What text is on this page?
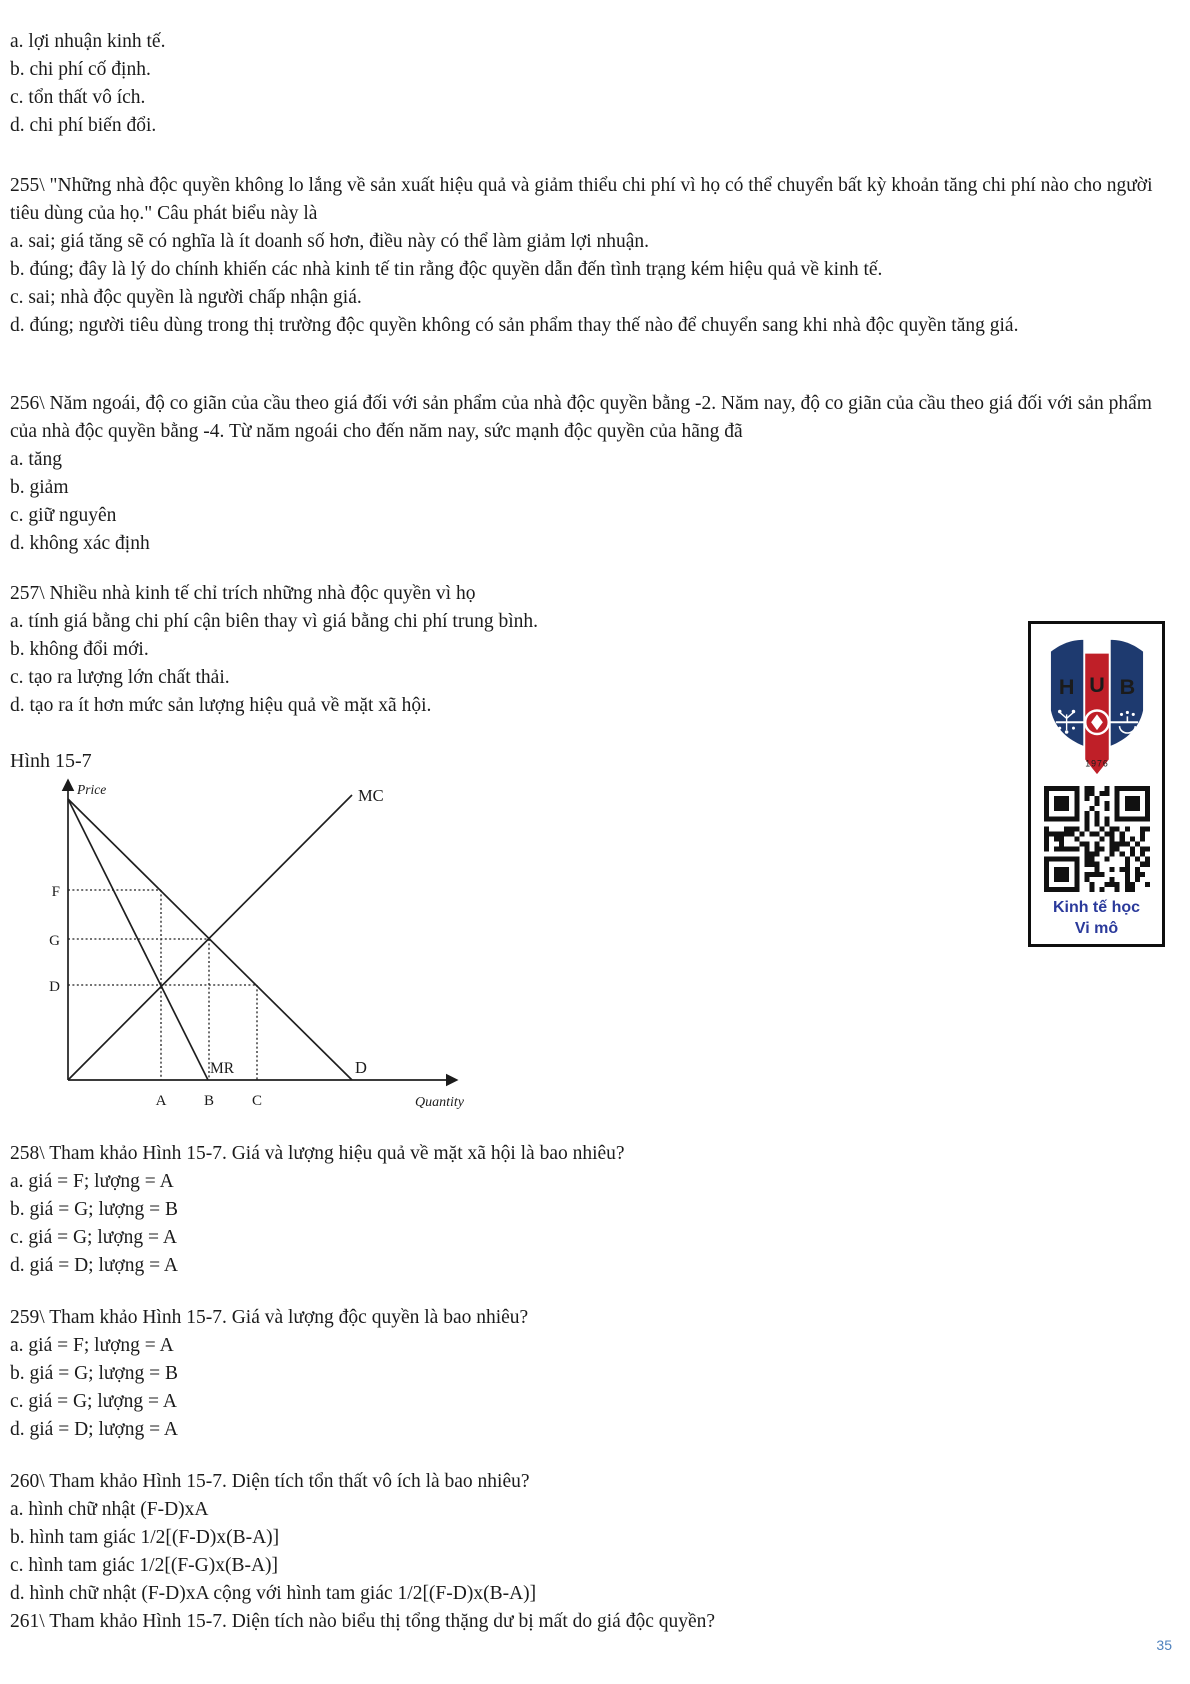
a. lợi nhuận kinh tế.
b. chi phí cố định.
c. tổn thất vô ích.
d. chi phí biến đổi.
255\ "Những nhà độc quyền không lo lắng về sản xuất hiệu quả và giảm thiểu chi phí vì họ có thể chuyển bất kỳ khoản tăng chi phí nào cho người tiêu dùng của họ." Câu phát biểu này là
a. sai; giá tăng sẽ có nghĩa là ít doanh số hơn, điều này có thể làm giảm lợi nhuận.
b. đúng; đây là lý do chính khiến các nhà kinh tế tin rằng độc quyền dẫn đến tình trạng kém hiệu quả về kinh tế.
c. sai; nhà độc quyền là người chấp nhận giá.
d. đúng; người tiêu dùng trong thị trường độc quyền không có sản phẩm thay thế nào để chuyển sang khi nhà độc quyền tăng giá.
256\ Năm ngoái, độ co giãn của cầu theo giá đối với sản phẩm của nhà độc quyền bằng -2. Năm nay, độ co giãn của cầu theo giá đối với sản phẩm của nhà độc quyền bằng -4. Từ năm ngoái cho đến năm nay, sức mạnh độc quyền của hãng đã
a. tăng
b. giảm
c. giữ nguyên
d. không xác định
257\ Nhiều nhà kinh tế chỉ trích những nhà độc quyền vì họ
a. tính giá bằng chi phí cận biên thay vì giá bằng chi phí trung bình.
b. không đổi mới.
c. tạo ra lượng lớn chất thải.
d. tạo ra ít hơn mức sản lượng hiệu quả về mặt xã hội.
Hình 15-7
Price
Quantity
MC
MR	D
F
G
D
A	B	C
258\ Tham khảo Hình 15-7. Giá và lượng hiệu quả về mặt xã hội là bao nhiêu?
a. giá = F; lượng = A
b. giá = G; lượng = B
c. giá = G; lượng = A
d. giá = D; lượng = A
259\ Tham khảo Hình 15-7. Giá và lượng độc quyền là bao nhiêu?
a. giá = F; lượng = A
b. giá = G; lượng = B
c. giá = G; lượng = A
d. giá = D; lượng = A
260\ Tham khảo Hình 15-7. Diện tích tổn thất vô ích là bao nhiêu?
a. hình chữ nhật (F-D)xA
b. hình tam giác 1/2[(F-D)x(B-A)]
c. hình tam giác 1/2[(F-G)x(B-A)]
d. hình chữ nhật (F-D)xA cộng với hình tam giác 1/2[(F-D)x(B-A)]
261\ Tham khảo Hình 15-7. Diện tích nào biểu thị tổng thặng dư bị mất do giá độc quyền?
H U B
1976
Kinh tế học
Vi mô
35
